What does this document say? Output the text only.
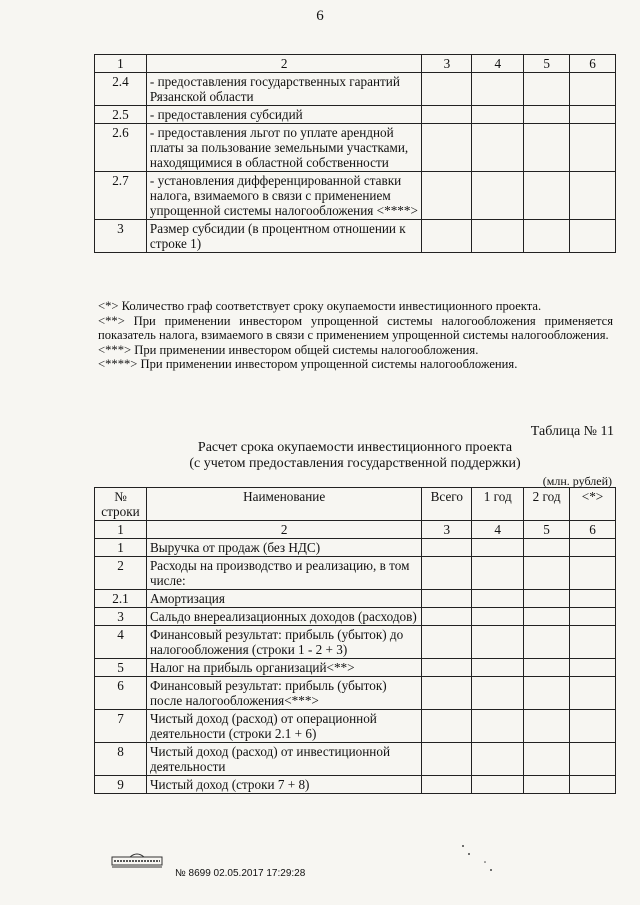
6
1	2	3	4	5	6
2.4	- предоставления государственных гарантий Рязанской области				
2.5	- предоставления субсидий				
2.6	- предоставления льгот по уплате арендной платы за пользование земельными участками, находящимися в областной собственности				
2.7	- установления дифференцированной ставки налога, взимаемого в связи с применением упрощенной системы налогообложения <****>				
3	Размер субсидии (в процентном отношении к строке 1)				

<*> Количество граф соответствует сроку окупаемости инвестиционного проекта.

<**> При применении инвестором упрощенной системы налогообложения применяется показатель налога, взимаемого в связи с применением упрощенной системы налогообложения.

<***> При применении инвестором общей системы налогообложения.

<****> При применении инвестором упрощенной системы налогообложения.

Таблица № 11
Расчет срока окупаемости инвестиционного проекта
(с учетом предоставления государственной поддержки)
(млн. рублей)
№ строки	Наименование	Всего	1 год	2 год	<*>
1	2	3	4	5	6
1	Выручка от продаж (без НДС)				
2	Расходы на производство и реализацию, в том числе:				
2.1	Амортизация				
3	Сальдо внереализационных доходов (расходов)				
4	Финансовый результат: прибыль (убыток) до налогообложения (строки 1 - 2 + 3)				
5	Налог на прибыль организаций<**>				
6	Финансовый результат: прибыль (убыток) после налогообложения<***>				
7	Чистый доход (расход) от операционной деятельности (строки 2.1 + 6)				
8	Чистый доход (расход) от инвестиционной деятельности				
9	Чистый доход (строки 7 + 8)				
№ 8699 02.05.2017 17:29:28
